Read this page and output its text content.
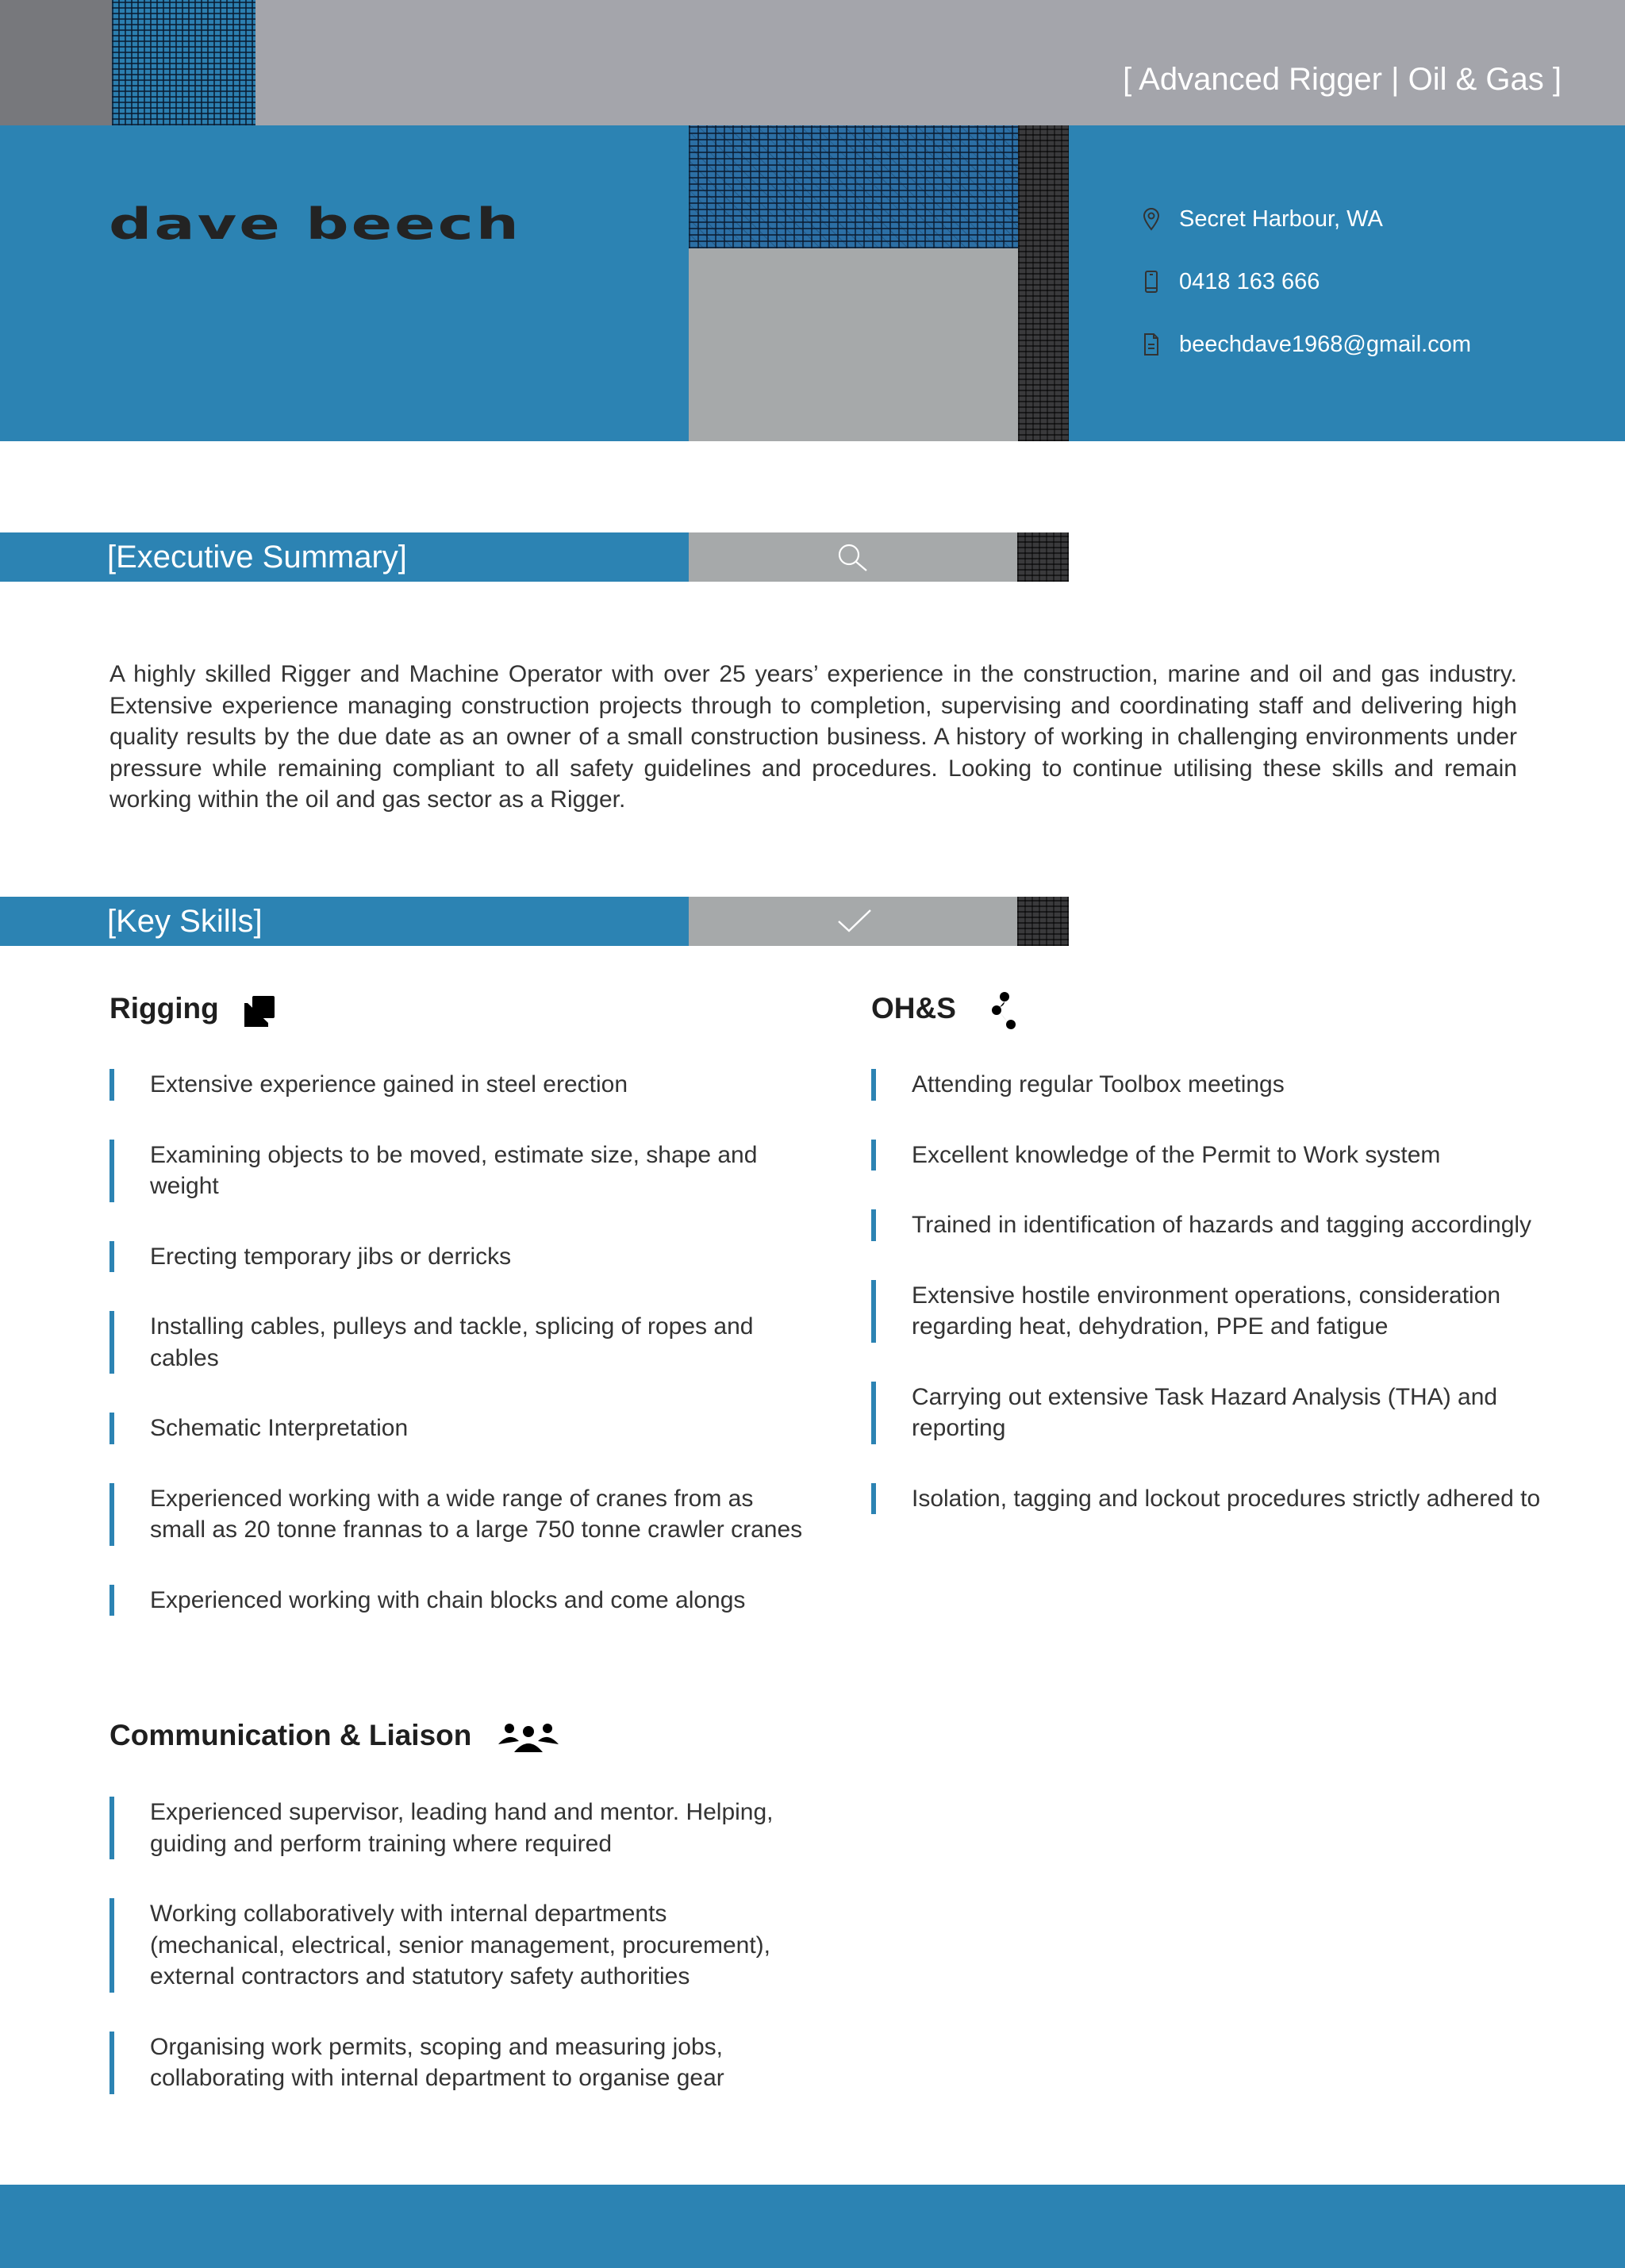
[ Advanced Rigger | Oil & Gas ]
dave beech	Secret Harbour, WA
0418 163 666
beechdave1968@gmail.com
[Executive Summary]
A highly skilled Rigger and Machine Operator with over 25 years’ experience in the construction, marine and oil and gas industry. Extensive experience managing construction projects through to completion, supervising and coordinating staff and delivering high quality results by the due date as an owner of a small construction business. A history of working in challenging environments under pressure while remaining compliant to all safety guidelines and procedures. Looking to continue utilising these skills and remain working within the oil and gas sector as a Rigger.
[Key Skills]
Rigging
Extensive experience gained in steel erection
Examining objects to be moved, estimate size, shape and weight
Erecting temporary jibs or derricks
Installing cables, pulleys and tackle, splicing of ropes and cables
Schematic Interpretation
Experienced working with a wide range of cranes from as small as 20 tonne frannas to a large 750 tonne crawler cranes
Experienced working with chain blocks and come alongs
OH&S
Attending regular Toolbox meetings
Excellent knowledge of the Permit to Work system
Trained in identification of hazards and tagging accordingly
Extensive hostile environment operations, consideration regarding heat, dehydration, PPE and fatigue
Carrying out extensive Task Hazard Analysis (THA) and reporting
Isolation, tagging and lockout procedures strictly adhered to
Communication & Liaison
Experienced supervisor, leading hand and mentor. Helping, guiding and perform training where required
Working collaboratively with internal departments (mechanical, electrical, senior management, procurement), external contractors and statutory safety authorities
Organising work permits, scoping and measuring jobs, collaborating with internal department to organise gear
